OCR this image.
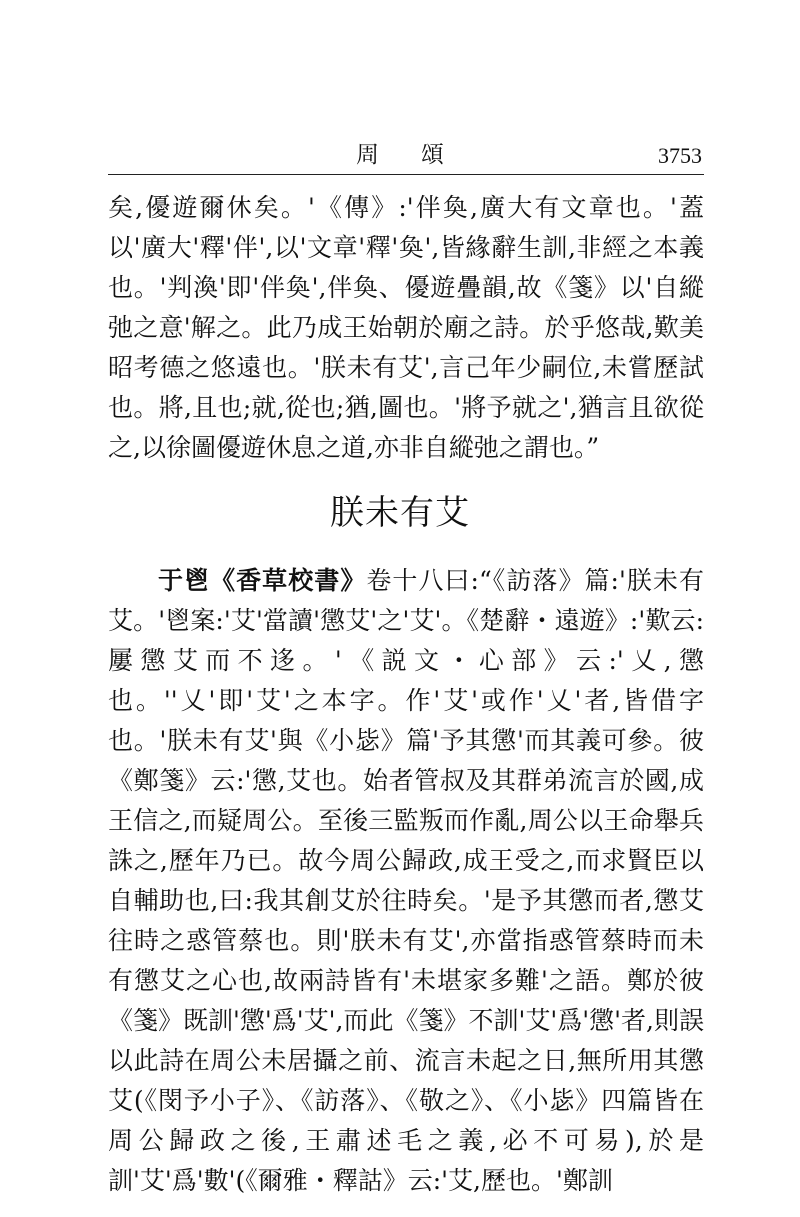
周頌	3753
矣,優遊爾休矣。'《傳》:'伴奐,廣大有文章也。'蓋以'廣大'釋'伴',以'文章'釋'奐',皆緣辭生訓,非經之本義也。'判渙'即'伴奐',伴奐、優遊疊韻,故《箋》以'自縱弛之意'解之。此乃成王始朝於廟之詩。於乎悠哉,歎美昭考德之悠遠也。'朕未有艾',言己年少嗣位,未嘗歷試也。將,且也;就,從也;猶,圖也。'將予就之',猶言且欲從之,以徐圖優遊休息之道,亦非自縱弛之謂也。”
朕未有艾
于鬯《香草校書》卷十八曰:“《訪落》篇:'朕未有艾。'鬯案:'艾'當讀'懲艾'之'艾'。《楚辭・遠遊》:'歎云:屢懲艾而不迻。'《説文・心部》云:'乂,懲也。''乂'即'艾'之本字。作'艾'或作'乂'者,皆借字也。'朕未有艾'與《小毖》篇'予其懲'而其義可參。彼《鄭箋》云:'懲,艾也。始者管叔及其群弟流言於國,成王信之,而疑周公。至後三監叛而作亂,周公以王命舉兵誅之,歷年乃已。故今周公歸政,成王受之,而求賢臣以自輔助也,曰:我其創艾於往時矣。'是予其懲而者,懲艾往時之惑管蔡也。則'朕未有艾',亦當指惑管蔡時而未有懲艾之心也,故兩詩皆有'未堪家多難'之語。鄭於彼《箋》既訓'懲'爲'艾',而此《箋》不訓'艾'爲'懲'者,則誤以此詩在周公未居攝之前、流言未起之日,無所用其懲艾(《閔予小子》、《訪落》、《敬之》、《小毖》四篇皆在周公歸政之後,王肅述毛之義,必不可易),於是訓'艾'爲'數'(《爾雅・釋詁》云:'艾,歷也。'鄭訓
